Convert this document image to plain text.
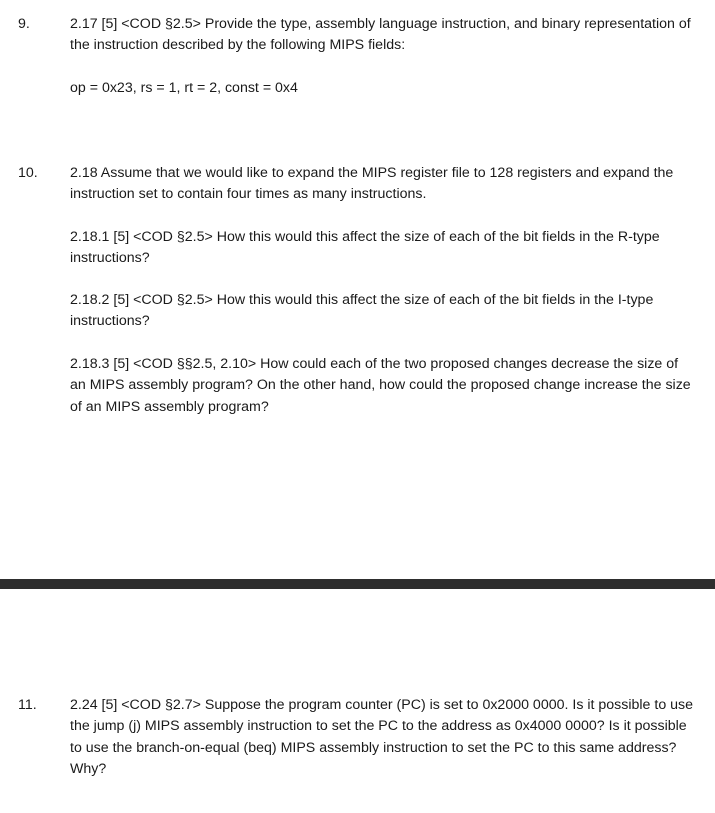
9.	2.17 [5] <COD §2.5> Provide the type, assembly language instruction, and binary representation of the instruction described by the following MIPS fields:

op = 0x23, rs = 1, rt = 2, const = 0x4

10. 2.18 Assume that we would like to expand the MIPS register file to 128 registers and expand the instruction set to contain four times as many instructions.

2.18.1 [5] <COD §2.5> How this would this affect the size of each of the bit fields in the R-type instructions?

2.18.2 [5] <COD §2.5> How this would this affect the size of each of the bit fields in the I-type instructions?

2.18.3 [5] <COD §§2.5, 2.10> How could each of the two proposed changes decrease the size of an MIPS assembly program? On the other hand, how could the proposed change increase the size of an MIPS assembly program?

11. 2.24 [5] <COD §2.7> Suppose the program counter (PC) is set to 0x2000 0000. Is it possible to use the jump (j) MIPS assembly instruction to set the PC to the address as 0x4000 0000? Is it possible to use the branch-on-equal (beq) MIPS assembly instruction to set the PC to this same address? Why?
